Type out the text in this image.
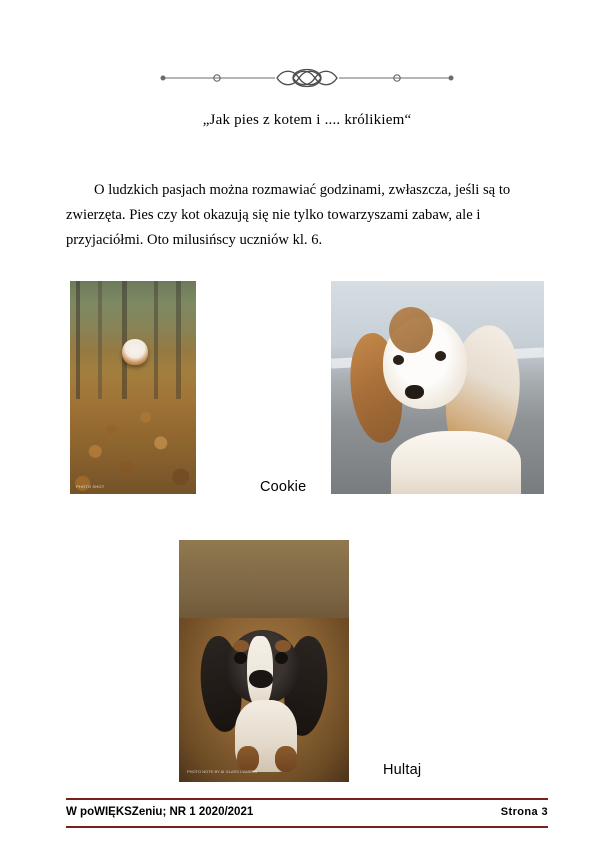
„Jak pies z kotem i .... królikiem“
O ludzkich pasjach można rozmawiać godzinami, zwłaszcza, jeśli są to zwierzęta. Pies czy kot okazują się nie tylko towarzyszami zabaw, ale i przyjaciółmi. Oto milusińscy uczniów kl. 6.
PHOTO SHOT	Cookie
PHOTO NOTE BY AI GLASS CAMERA	Hultaj
W poWIĘKSZeniu; NR 1 2020/2021	Strona 3
